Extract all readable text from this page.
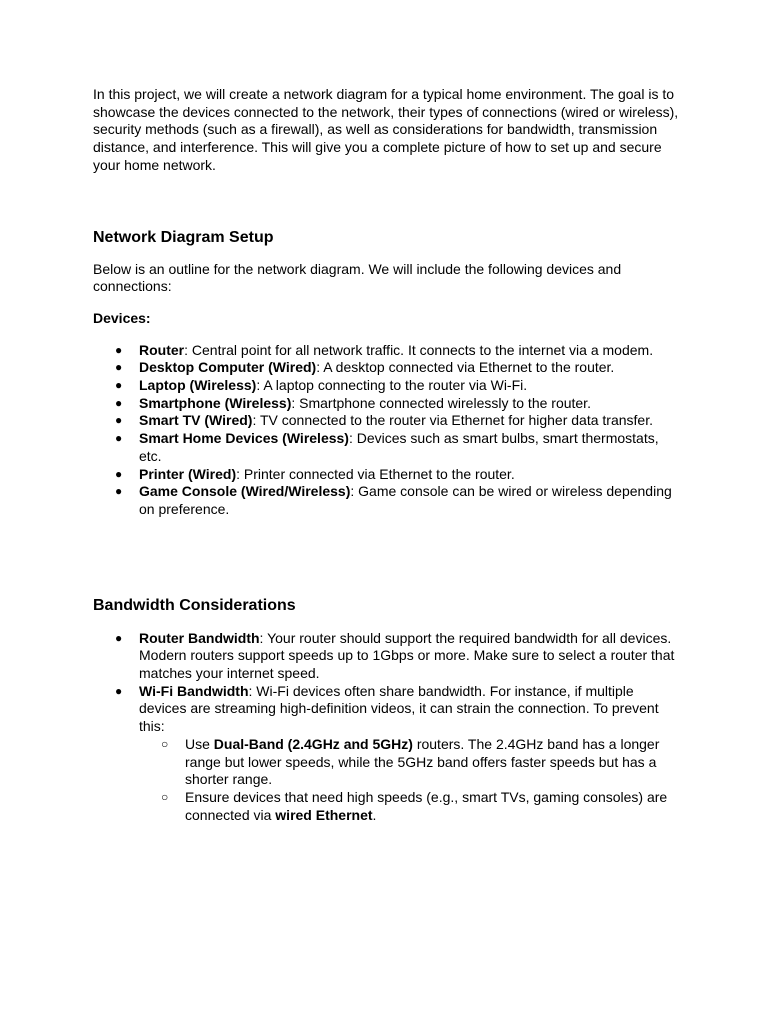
In this project, we will create a network diagram for a typical home environment. The goal is to showcase the devices connected to the network, their types of connections (wired or wireless), security methods (such as a firewall), as well as considerations for bandwidth, transmission distance, and interference. This will give you a complete picture of how to set up and secure your home network.

Network Diagram Setup

Below is an outline for the network diagram. We will include the following devices and connections:

Devices:

● Router: Central point for all network traffic. It connects to the internet via a modem.
● Desktop Computer (Wired): A desktop connected via Ethernet to the router.
● Laptop (Wireless): A laptop connecting to the router via Wi-Fi.
● Smartphone (Wireless): Smartphone connected wirelessly to the router.
● Smart TV (Wired): TV connected to the router via Ethernet for higher data transfer.
● Smart Home Devices (Wireless): Devices such as smart bulbs, smart thermostats, etc.
● Printer (Wired): Printer connected via Ethernet to the router.
● Game Console (Wired/Wireless): Game console can be wired or wireless depending on preference.
Bandwidth Considerations
● Router Bandwidth: Your router should support the required bandwidth for all devices. Modern routers support speeds up to 1Gbps or more. Make sure to select a router that matches your internet speed.
● Wi-Fi Bandwidth: Wi-Fi devices often share bandwidth. For instance, if multiple devices are streaming high-definition videos, it can strain the connection. To prevent this:
○ Use Dual-Band (2.4GHz and 5GHz) routers. The 2.4GHz band has a longer range but lower speeds, while the 5GHz band offers faster speeds but has a shorter range.
○ Ensure devices that need high speeds (e.g., smart TVs, gaming consoles) are connected via wired Ethernet.
